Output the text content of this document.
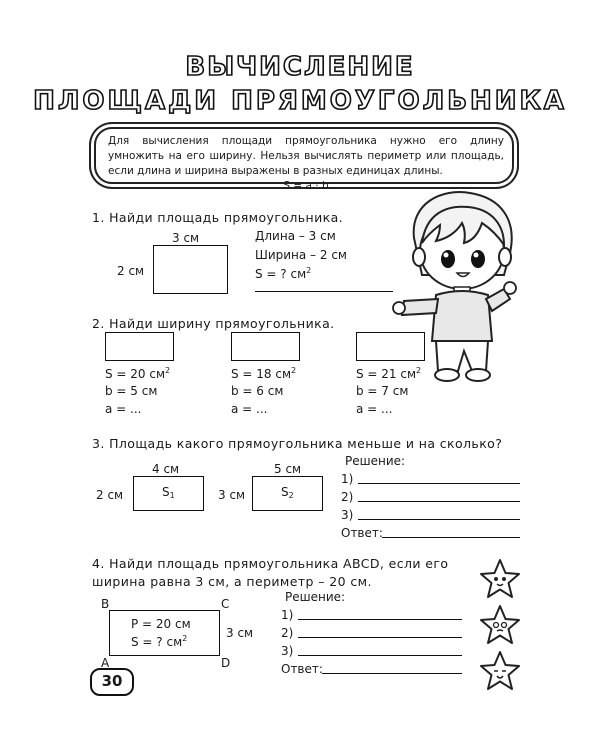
ВЫЧИСЛЕНИЕ
ПЛОЩАДИ ПРЯМОУГОЛЬНИКА
Для вычисления площади прямоугольника нужно его длину умножить на его ширину. Нельзя вычислять периметр или площадь, если длина и ширина выражены в разных единицах длины.
S = a · b
1. Найди площадь прямоугольника.
3 см
2 см
Длина – 3 см
Ширина – 2 см
S = ? $см^2$
2. Найди ширину прямоугольника.
S = 20 $см^2$
b = 5 см
a = ...
S = 18 $см^2$
b = 6 см
a = ...
S = 21 $см^2$
b = 7 см
a = ...
3. Площадь какого прямоугольника меньше и на сколько?
4 см
2 см	$S_1$
5 см
3 см	$S_2$
Решение:
1)
2)
3)
Ответ:
4. Найди площадь прямоугольника ABCD, если его
ширина равна 3 см, а периметр – 20 см.
B	C
A	D
P = 20 см
S = ? $см^2$	3 см
Решение:
1)
2)
3)
Ответ:
30
